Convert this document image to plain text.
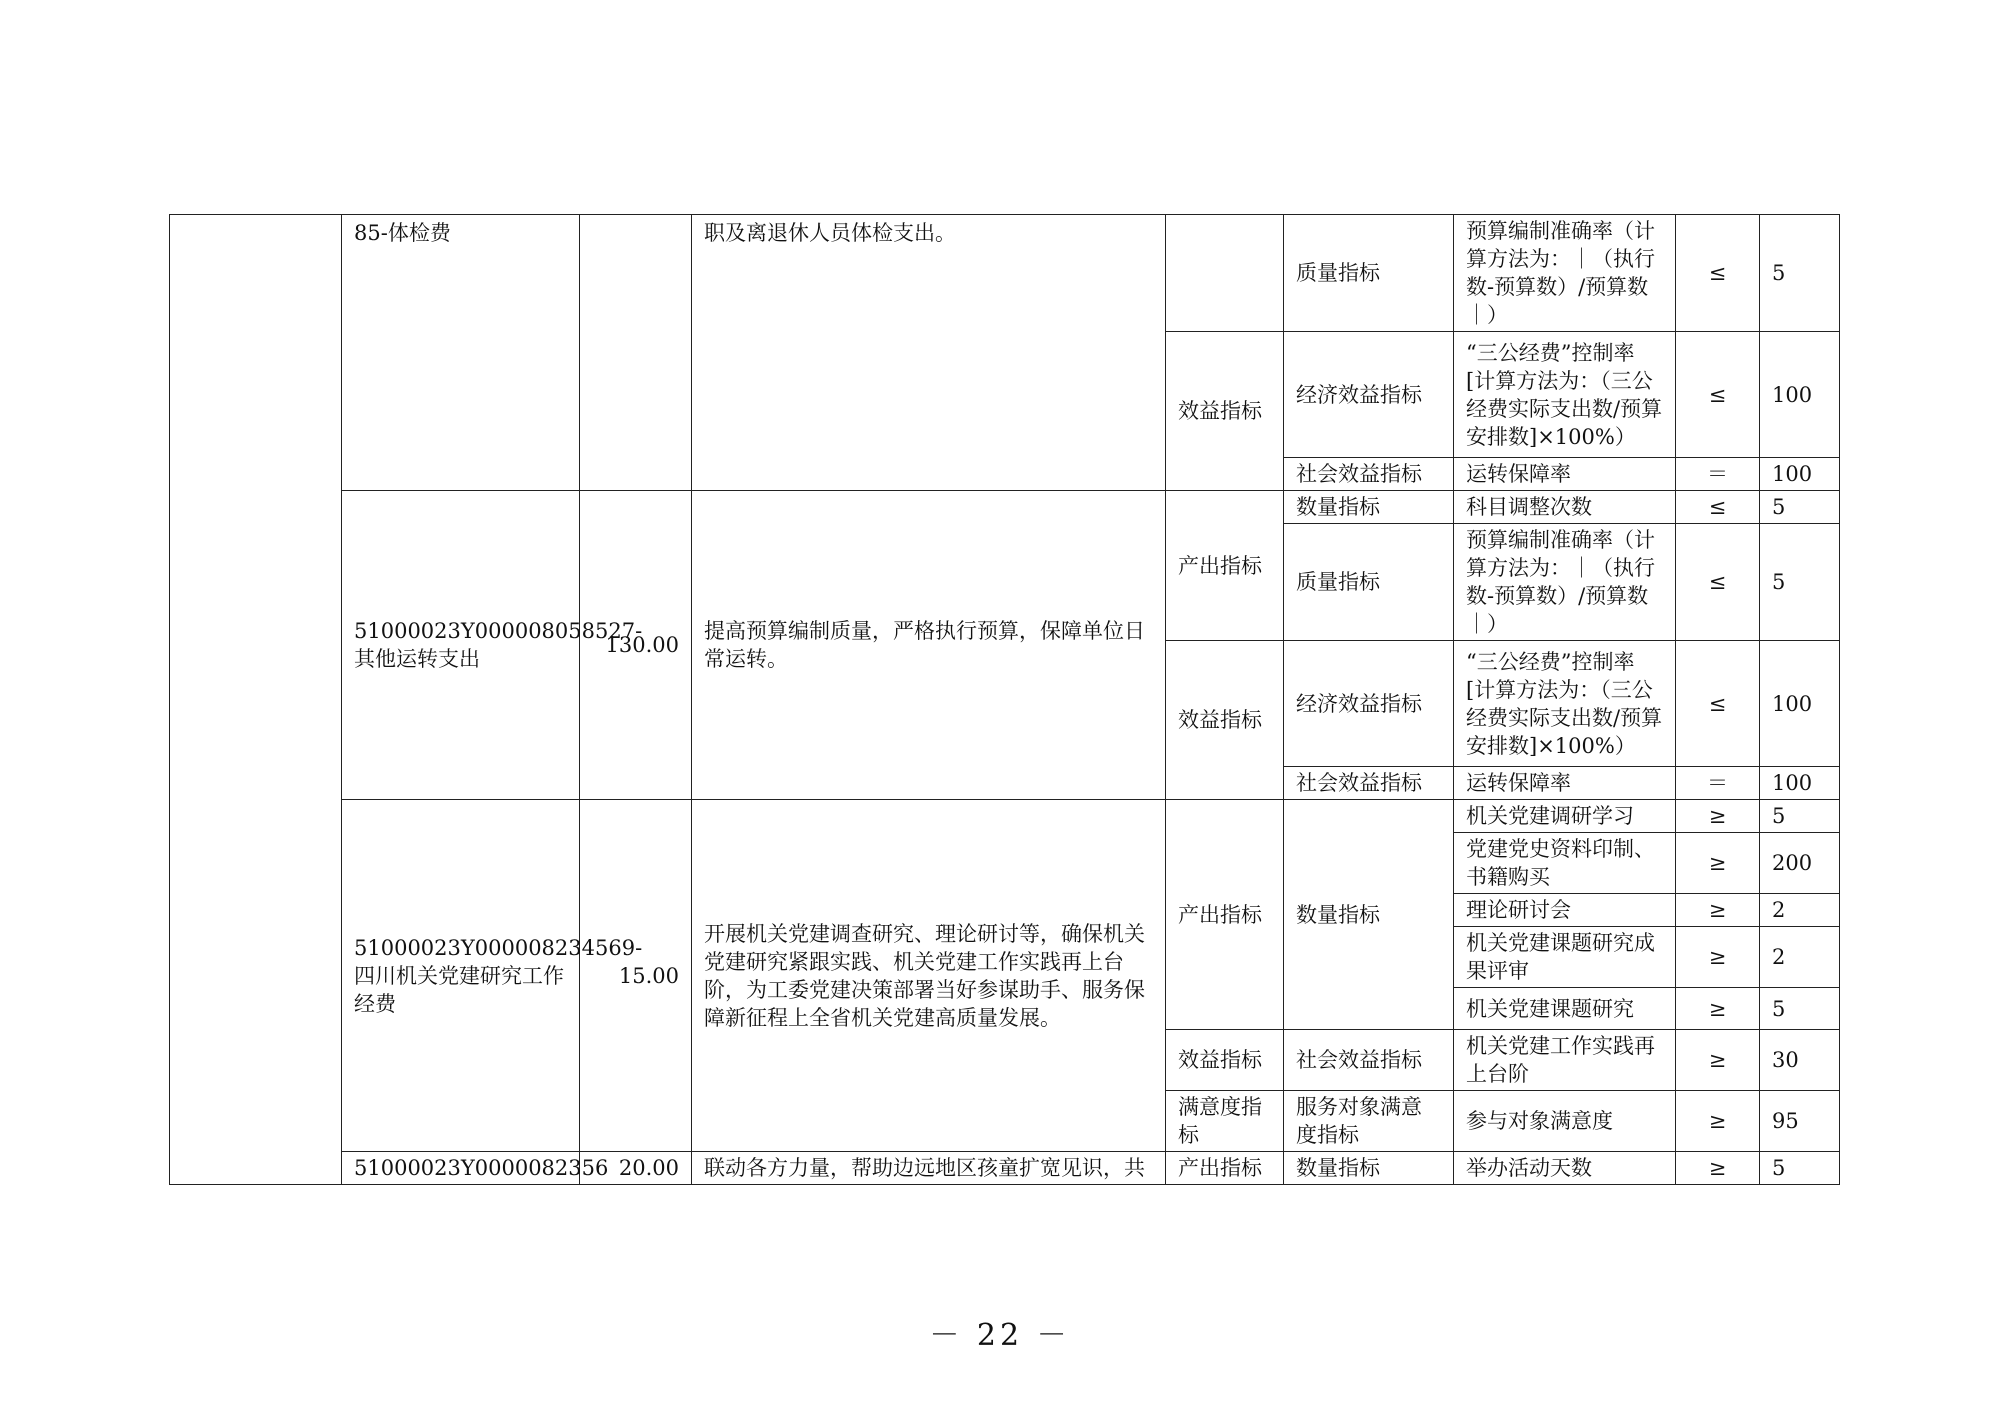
	85-体检费		职及离退休人员体检支出。		质量指标	预算编制准确率（计算方法为：｜（执行数-预算数）/预算数｜）	≤	5
				效益指标	经济效益指标	“三公经费”控制率[计算方法为：（三公经费实际支出数/预算安排数]×100%）	≤	100
					社会效益指标	运转保障率	＝	100
	51000023Y000008058527-其他运转支出	130.00	提高预算编制质量，严格执行预算，保障单位日常运转。	产出指标	数量指标	科目调整次数	≤	5
					质量指标	预算编制准确率（计算方法为：｜（执行数-预算数）/预算数｜）	≤	5
				效益指标	经济效益指标	“三公经费”控制率[计算方法为：（三公经费实际支出数/预算安排数]×100%）	≤	100
					社会效益指标	运转保障率	＝	100
	51000023Y000008234569-四川机关党建研究工作经费	15.00	开展机关党建调查研究、理论研讨等，确保机关党建研究紧跟实践、机关党建工作实践再上台阶，为工委党建决策部署当好参谋助手、服务保障新征程上全省机关党建高质量发展。	产出指标	数量指标	机关党建调研学习	≥	5
						党建党史资料印制、书籍购买	≥	200
						理论研讨会	≥	2
						机关党建课题研究成果评审	≥	2
						机关党建课题研究	≥	5
				效益指标	社会效益指标	机关党建工作实践再上台阶	≥	30
				满意度指标	服务对象满意度指标	参与对象满意度	≥	95
	51000023Y0000082356	20.00	联动各方力量，帮助边远地区孩童扩宽见识，共	产出指标	数量指标	举办活动天数	≥	5
－ 22 －
